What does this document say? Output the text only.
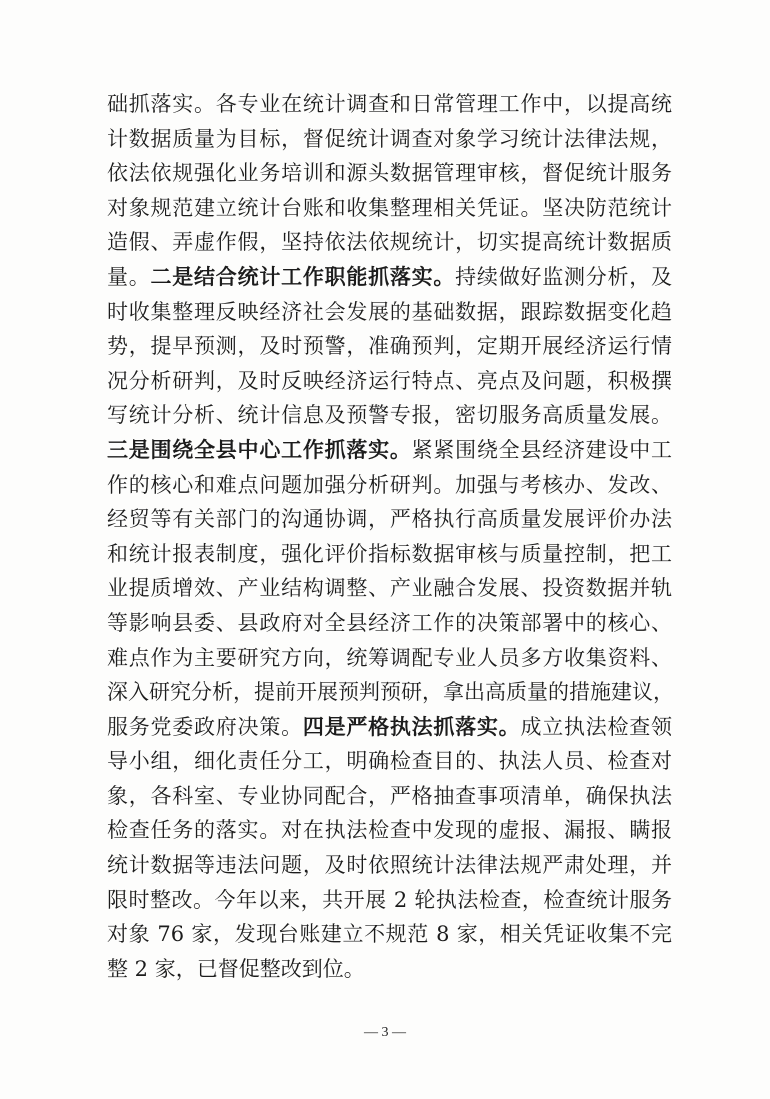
础抓落实。各专业在统计调查和日常管理工作中，以提高统
计数据质量为目标，督促统计调查对象学习统计法律法规，
依法依规强化业务培训和源头数据管理审核，督促统计服务
对象规范建立统计台账和收集整理相关凭证。坚决防范统计
造假、弄虚作假，坚持依法依规统计，切实提高统计数据质
量。二是结合统计工作职能抓落实。持续做好监测分析，及
时收集整理反映经济社会发展的基础数据，跟踪数据变化趋
势，提早预测，及时预警，准确预判，定期开展经济运行情
况分析研判，及时反映经济运行特点、亮点及问题，积极撰
写统计分析、统计信息及预警专报，密切服务高质量发展。
三是围绕全县中心工作抓落实。紧紧围绕全县经济建设中工
作的核心和难点问题加强分析研判。加强与考核办、发改、
经贸等有关部门的沟通协调，严格执行高质量发展评价办法
和统计报表制度，强化评价指标数据审核与质量控制，把工
业提质增效、产业结构调整、产业融合发展、投资数据并轨
等影响县委、县政府对全县经济工作的决策部署中的核心、
难点作为主要研究方向，统筹调配专业人员多方收集资料、
深入研究分析，提前开展预判预研，拿出高质量的措施建议，
服务党委政府决策。四是严格执法抓落实。成立执法检查领
导小组，细化责任分工，明确检查目的、执法人员、检查对
象，各科室、专业协同配合，严格抽查事项清单，确保执法
检查任务的落实。对在执法检查中发现的虚报、漏报、瞒报
统计数据等违法问题，及时依照统计法律法规严肃处理，并
限时整改。今年以来，共开展 2 轮执法检查，检查统计服务
对象 76 家，发现台账建立不规范 8 家，相关凭证收集不完
整 2 家，已督促整改到位。
— 3 —
